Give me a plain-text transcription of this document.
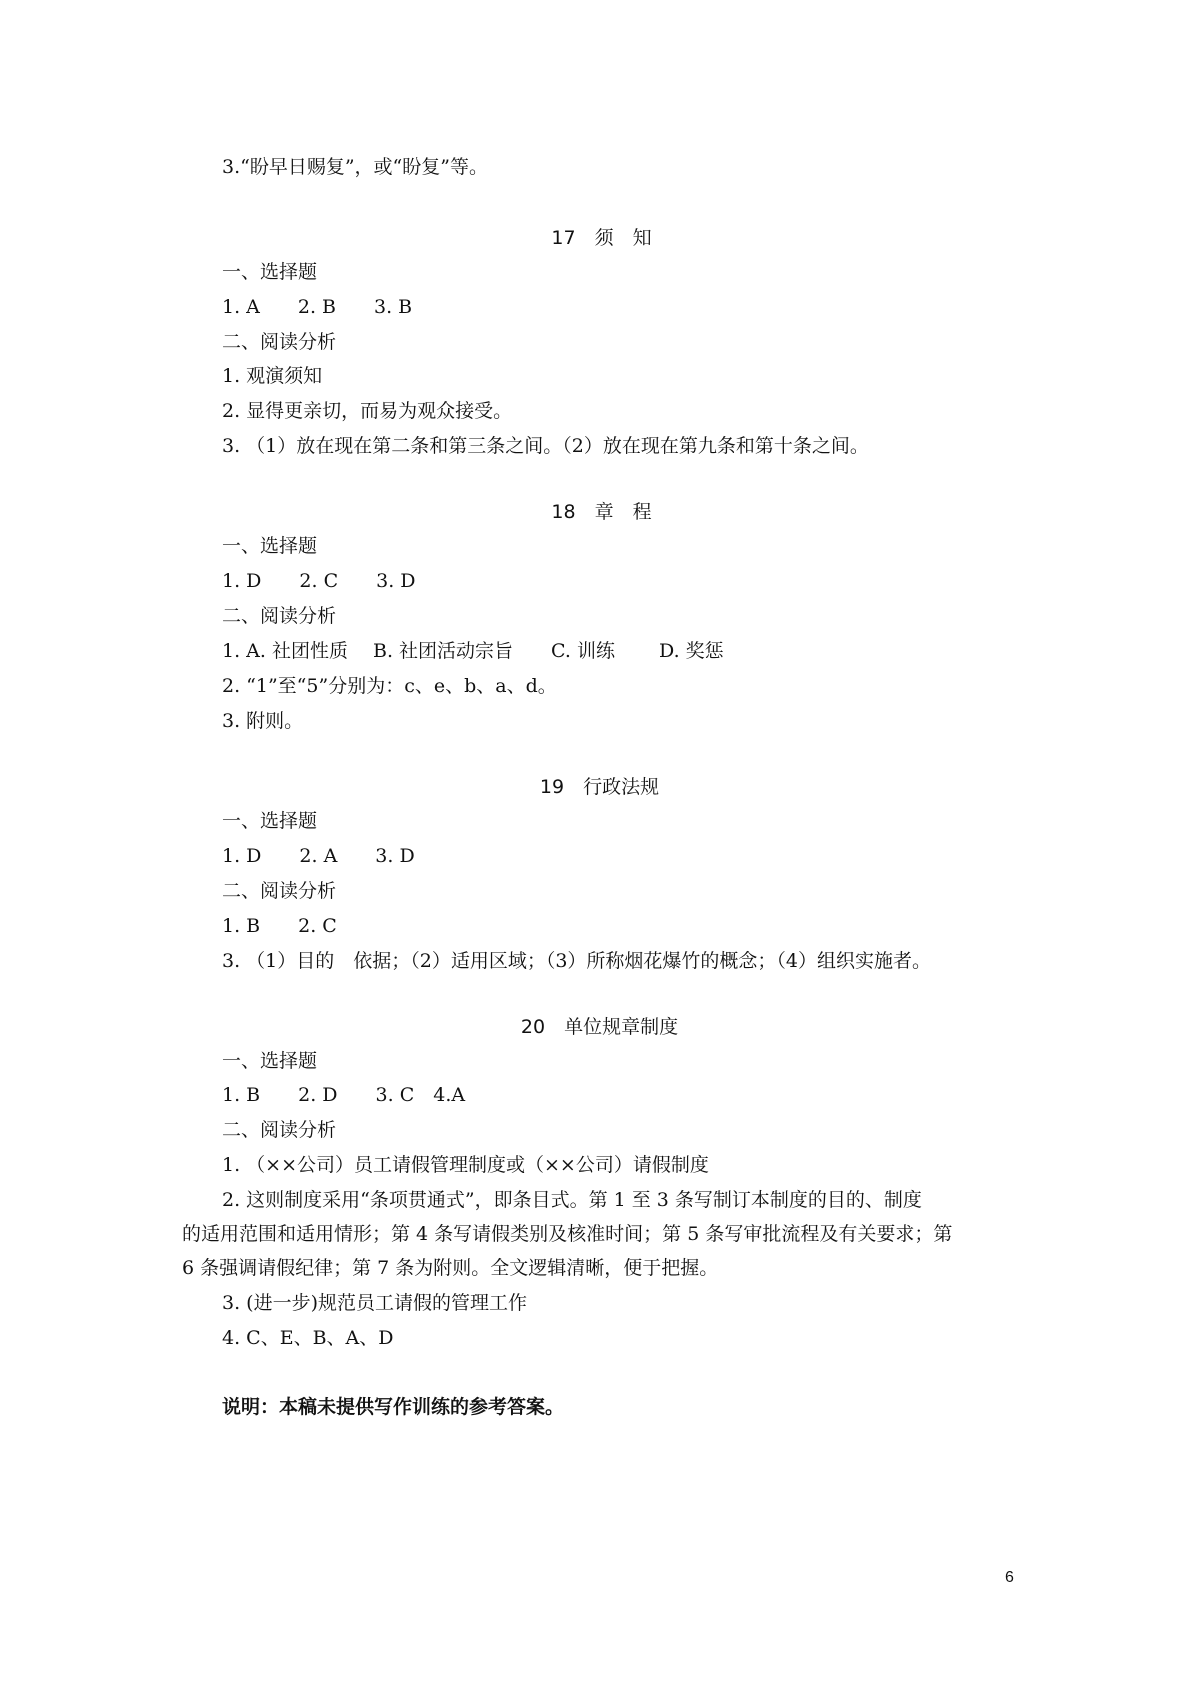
3.“盼早日赐复”，或“盼复”等。
17　须　知
一、选择题
1. A　　2. B　　3. B
二、阅读分析
1. 观演须知
2. 显得更亲切，而易为观众接受。
3. （1）放在现在第二条和第三条之间。（2）放在现在第九条和第十条之间。
18　章　程
一、选择题
1. D　　2. C　　3. D
二、阅读分析
1. A. 社团性质　 B. 社团活动宗旨　　C. 训练　　 D. 奖惩
2. “1”至“5”分别为：c、e、b、a、d。
3. 附则。
19　行政法规
一、选择题
1. D　　2. A　　3. D
二、阅读分析
1. B　　2. C
3. （1）目的　依据；（2）适用区域；（3）所称烟花爆竹的概念；（4）组织实施者。
20　单位规章制度
一、选择题
1. B　　2. D　　3. C　4.A
二、阅读分析
1. （××公司）员工请假管理制度或（××公司）请假制度
2. 这则制度采用“条项贯通式”，即条目式。第 1 至 3 条写制订本制度的目的、制度
的适用范围和适用情形；第 4 条写请假类别及核准时间；第 5 条写审批流程及有关要求；第
6 条强调请假纪律；第 7 条为附则。全文逻辑清晰，便于把握。
3. (进一步)规范员工请假的管理工作
4. C、E、B、A、D
说明：本稿未提供写作训练的参考答案。
6
